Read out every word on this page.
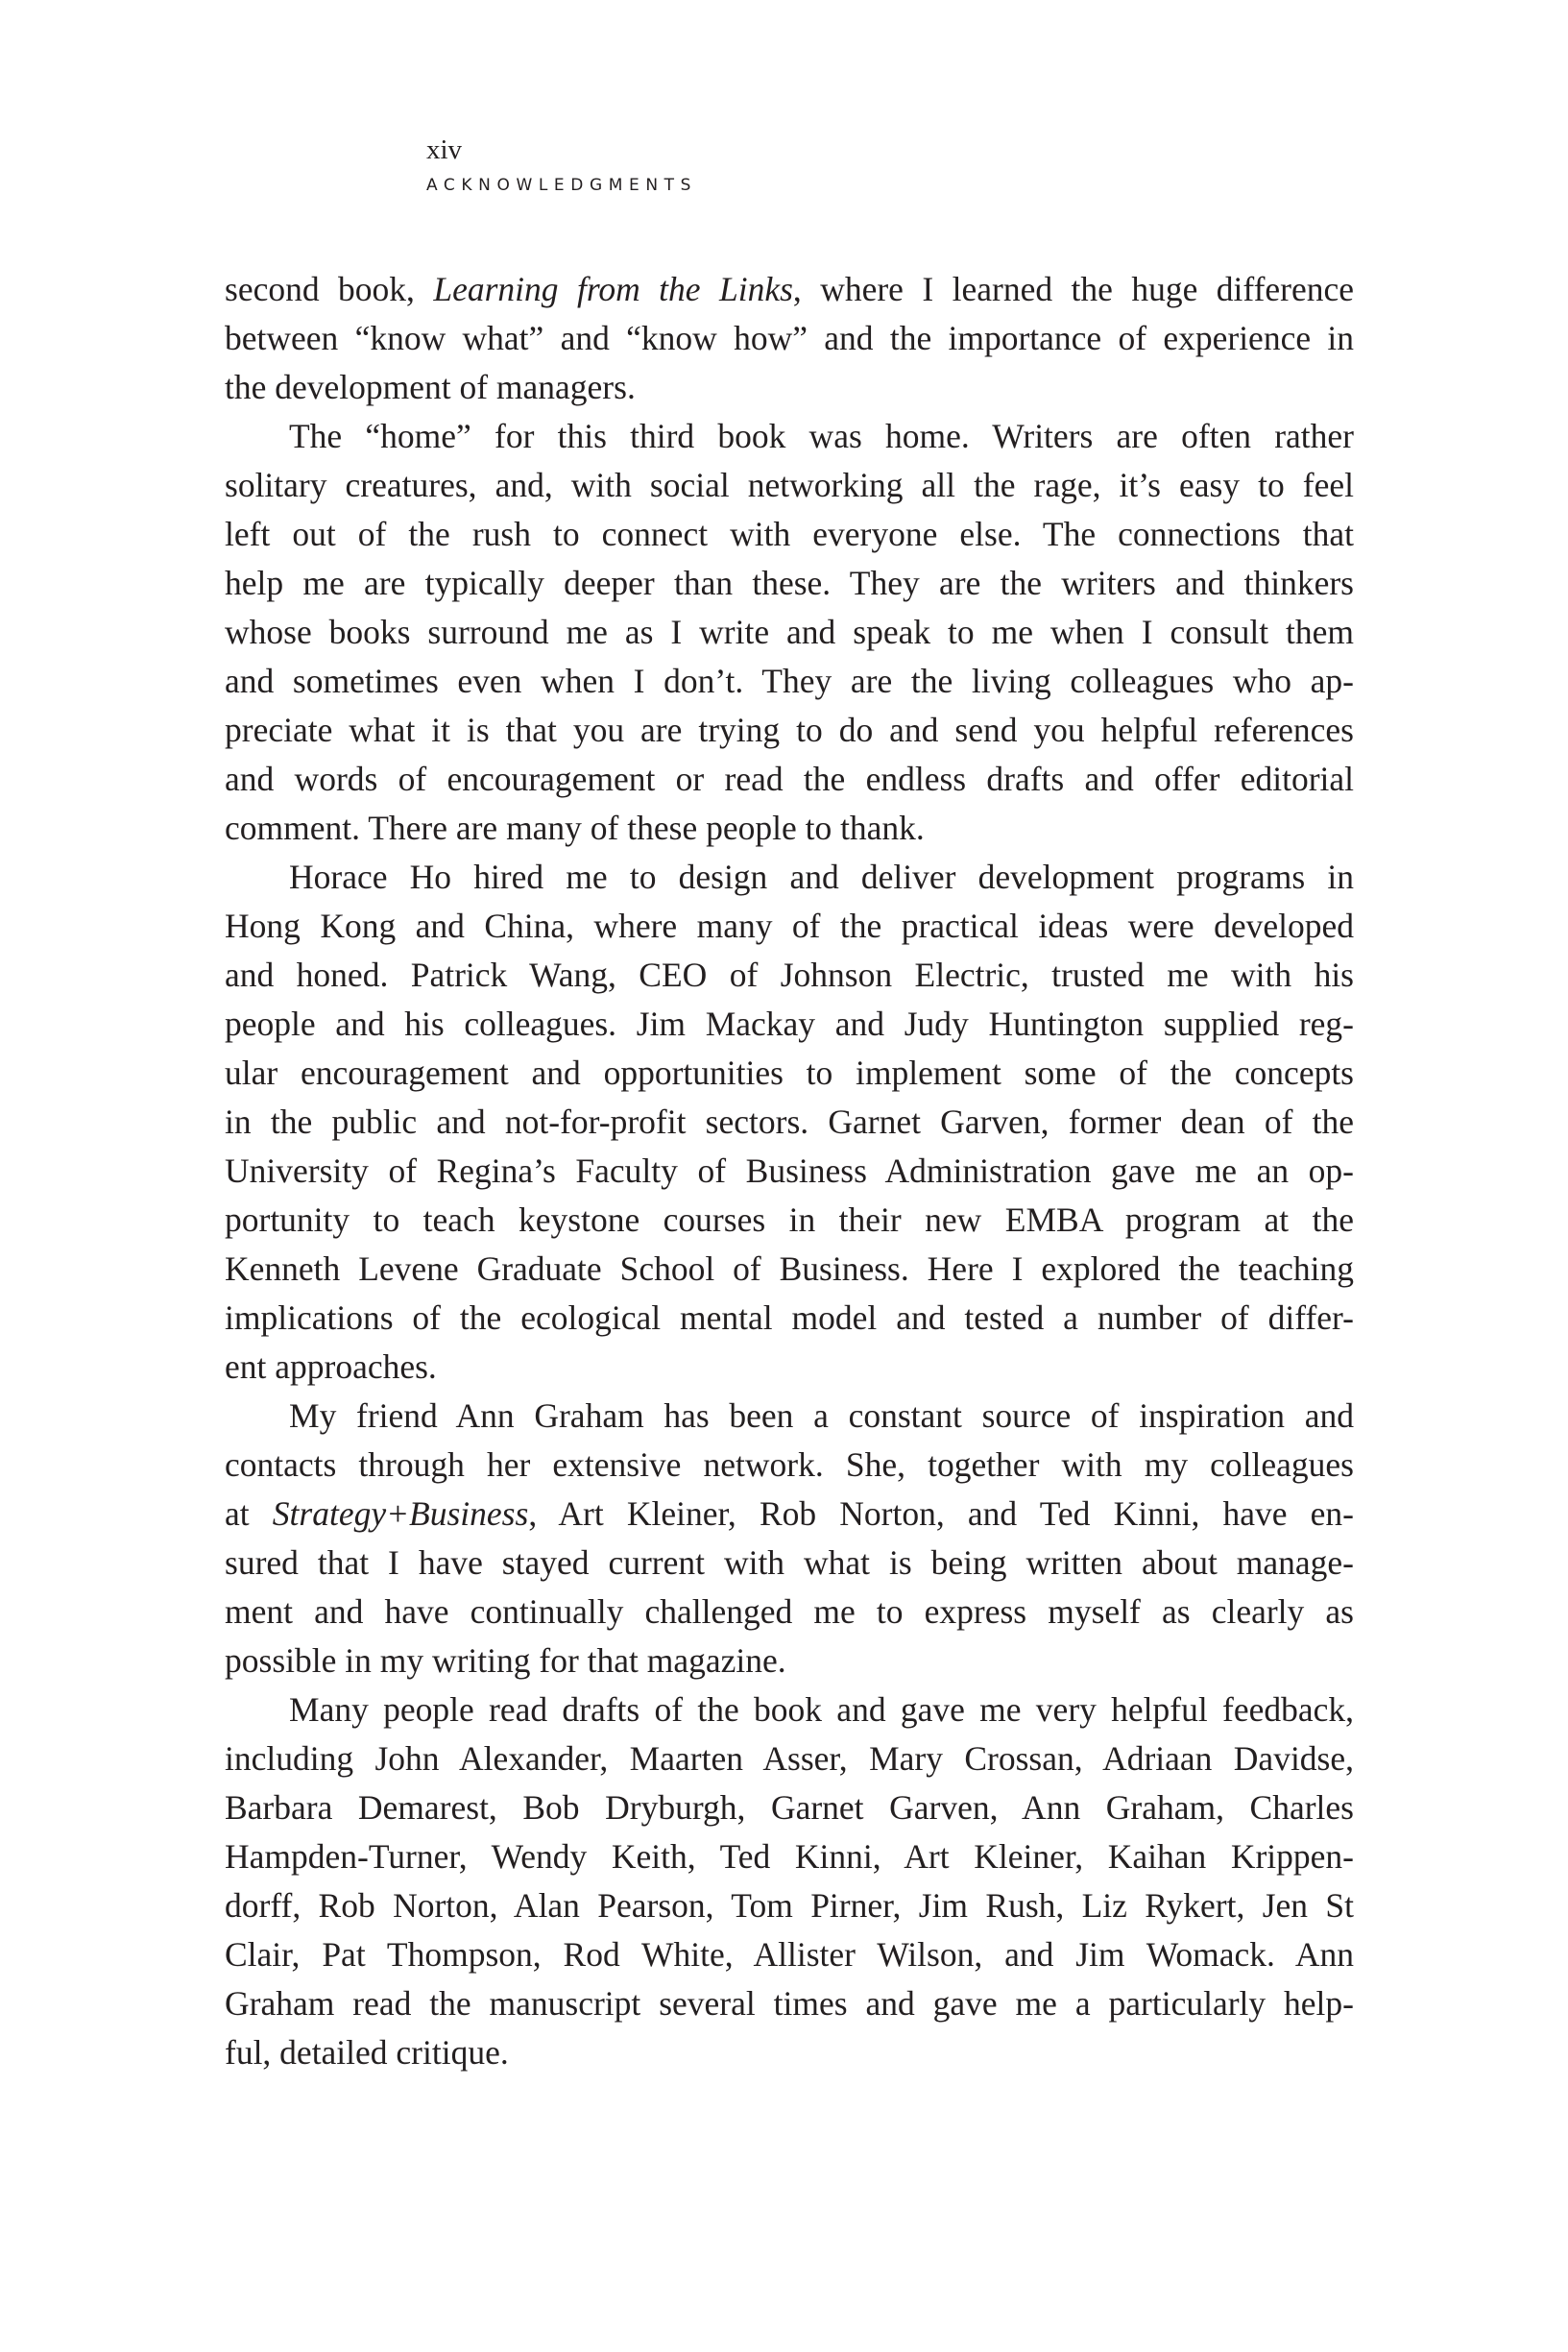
xiv
ACKNOWLEDGMENTS
second book, Learning from the Links, where I learned the huge difference
between “know what” and “know how” and the importance of experience in
the development of managers.
The “home” for this third book was home. Writers are often rather
solitary creatures, and, with social networking all the rage, it’s easy to feel
left out of the rush to connect with everyone else. The connections that
help me are typically deeper than these. They are the writers and thinkers
whose books surround me as I write and speak to me when I consult them
and sometimes even when I don’t. They are the living colleagues who ap-
preciate what it is that you are trying to do and send you helpful references
and words of encouragement or read the endless drafts and offer editorial
comment. There are many of these people to thank.
Horace Ho hired me to design and deliver development programs in
Hong Kong and China, where many of the practical ideas were developed
and honed. Patrick Wang, CEO of Johnson Electric, trusted me with his
people and his colleagues. Jim Mackay and Judy Huntington supplied reg-
ular encouragement and opportunities to implement some of the concepts
in the public and not-for-profit sectors. Garnet Garven, former dean of the
University of Regina’s Faculty of Business Administration gave me an op-
portunity to teach keystone courses in their new EMBA program at the
Kenneth Levene Graduate School of Business. Here I explored the teaching
implications of the ecological mental model and tested a number of differ-
ent approaches.
My friend Ann Graham has been a constant source of inspiration and
contacts through her extensive network. She, together with my colleagues
at Strategy+Business, Art Kleiner, Rob Norton, and Ted Kinni, have en-
sured that I have stayed current with what is being written about manage-
ment and have continually challenged me to express myself as clearly as
possible in my writing for that magazine.
Many people read drafts of the book and gave me very helpful feedback,
including John Alexander, Maarten Asser, Mary Crossan, Adriaan Davidse,
Barbara Demarest, Bob Dryburgh, Garnet Garven, Ann Graham, Charles
Hampden-Turner, Wendy Keith, Ted Kinni, Art Kleiner, Kaihan Krippen-
dorff, Rob Norton, Alan Pearson, Tom Pirner, Jim Rush, Liz Rykert, Jen St
Clair, Pat Thompson, Rod White, Allister Wilson, and Jim Womack. Ann
Graham read the manuscript several times and gave me a particularly help-
ful, detailed critique.
